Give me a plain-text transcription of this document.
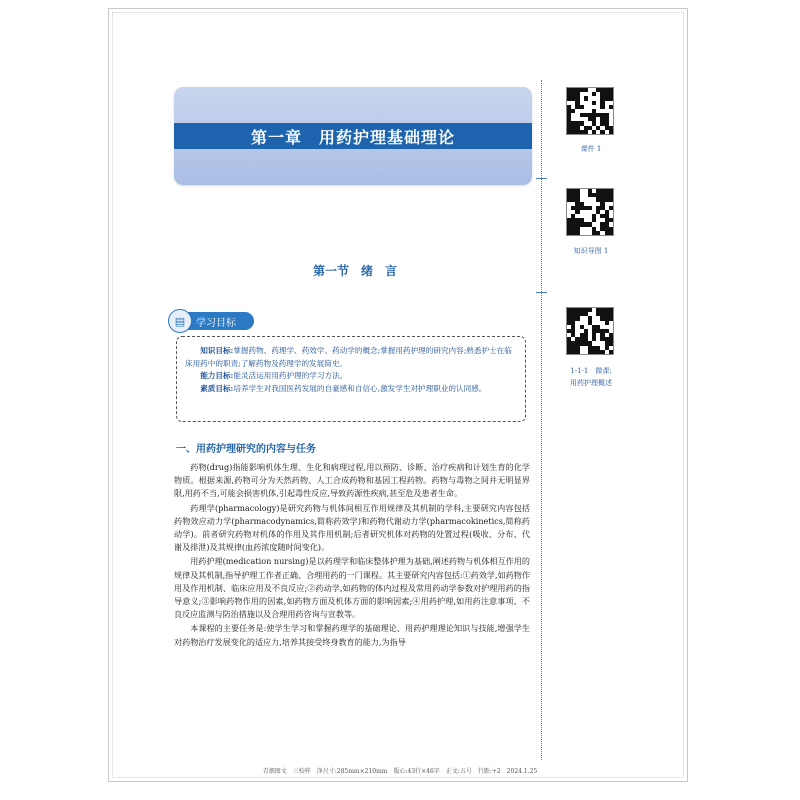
第一章　用药护理基础理论
课件 1
知识导图 1
1-1-1　微课:
用药护理概述
第一节　绪　言
▤	学习目标

知识目标:掌握药物、药理学、药效学、药动学的概念;掌握用药护理的研究内容;熟悉护士在临床用药中的职责;了解药物及药理学的发展简史。

能力目标:能灵活运用用药护理的学习方法。

素质目标:培养学生对我国医药发展的自豪感和自信心,激发学生对护理职业的认同感。

一、用药护理研究的内容与任务

药物(drug)指能影响机体生理、生化和病理过程,用以预防、诊断、治疗疾病和计划生育的化学物质。根据来源,药物可分为天然药物、人工合成药物和基因工程药物。药物与毒物之间并无明显界限,用药不当,可能会损害机体,引起毒性反应,导致药源性疾病,甚至危及患者生命。

药理学(pharmacology)是研究药物与机体间相互作用规律及其机制的学科,主要研究内容包括药物效应动力学(pharmacodynamics,简称药效学)和药物代谢动力学(pharmacokinetics,简称药动学)。前者研究药物对机体的作用及其作用机制;后者研究机体对药物的处置过程(吸收、分布、代谢及排泄)及其规律(血药浓度随时间变化)。

用药护理(medication nursing)是以药理学和临床整体护理为基础,阐述药物与机体相互作用的规律及其机制,指导护理工作者正确、合理用药的一门课程。其主要研究内容包括:①药效学,如药物作用及作用机制、临床应用及不良反应;②药动学,如药物的体内过程及常用药动学参数对护理用药的指导意义;③影响药物作用的因素,如药物方面及机体方面的影响因素;④用药护理,如用药注意事项、不良反应监测与防治措施以及合理用药咨询与宣教等。

本课程的主要任务是:使学生学习和掌握药理学的基础理论、用药护理理论知识与技能,增强学生对药物治疗发展变化的适应力,培养其接受终身教育的能力,为指导

青烟图文　三校样　净尺寸:285mm×210mm　版心:43行×46字　正文:五号　行距:+2　2024.1.25
